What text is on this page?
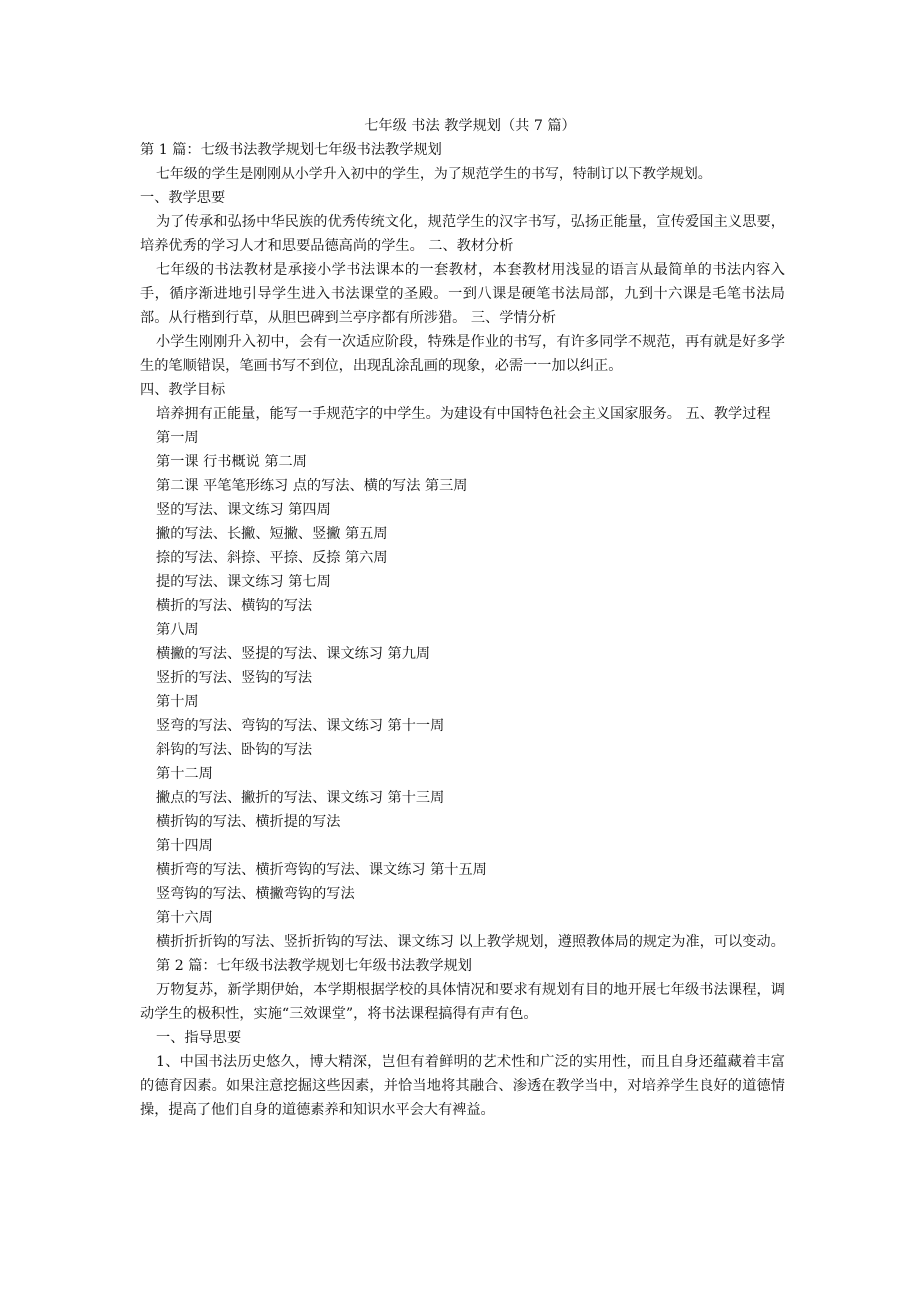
七年级 书法 教学规划（共 7 篇）

第 1 篇：七级书法教学规划七年级书法教学规划

七年级的学生是刚刚从小学升入初中的学生，为了规范学生的书写，特制订以下教学规划。

一、教学思要

为了传承和弘扬中华民族的优秀传统文化，规范学生的汉字书写，弘扬正能量，宣传爱国主义思要，培养优秀的学习人才和思要品德高尚的学生。 二、教材分析

七年级的书法教材是承接小学书法课本的一套教材，本套教材用浅显的语言从最简单的书法内容入手，循序渐进地引导学生进入书法课堂的圣殿。一到八课是硬笔书法局部，九到十六课是毛笔书法局部。从行楷到行草，从胆巴碑到兰亭序都有所涉猎。 三、学情分析

小学生刚刚升入初中，会有一次适应阶段，特殊是作业的书写，有许多同学不规范，再有就是好多学生的笔顺错误，笔画书写不到位，出现乱涂乱画的现象，必需一一加以纠正。

四、教学目标

培养拥有正能量，能写一手规范字的中学生。为建设有中国特色社会主义国家服务。 五、教学过程

第一周

第一课 行书概说 第二周

第二课 平笔笔形练习 点的写法、横的写法 第三周

竖的写法、课文练习 第四周

撇的写法、长撇、短撇、竖撇 第五周

捺的写法、斜捺、平捺、反捺 第六周

提的写法、课文练习 第七周

横折的写法、横钩的写法

第八周

横撇的写法、竖提的写法、课文练习 第九周

竖折的写法、竖钩的写法

第十周

竖弯的写法、弯钩的写法、课文练习 第十一周

斜钩的写法、卧钩的写法

第十二周

撇点的写法、撇折的写法、课文练习 第十三周

横折钩的写法、横折提的写法

第十四周

横折弯的写法、横折弯钩的写法、课文练习 第十五周

竖弯钩的写法、横撇弯钩的写法

第十六周

横折折折钩的写法、竖折折钩的写法、课文练习 以上教学规划，遵照教体局的规定为准，可以变动。

第 2 篇：七年级书法教学规划七年级书法教学规划

万物复苏，新学期伊始，本学期根据学校的具体情况和要求有规划有目的地开展七年级书法课程，调动学生的极积性，实施“三效课堂”，将书法课程搞得有声有色。

一、指导思要

1、中国书法历史悠久，博大精深，岂但有着鲜明的艺术性和广泛的实用性，而且自身还蕴藏着丰富的德育因素。如果注意挖掘这些因素，并恰当地将其融合、渗透在教学当中，对培养学生良好的道德情操，提高了他们自身的道德素养和知识水平会大有裨益。
